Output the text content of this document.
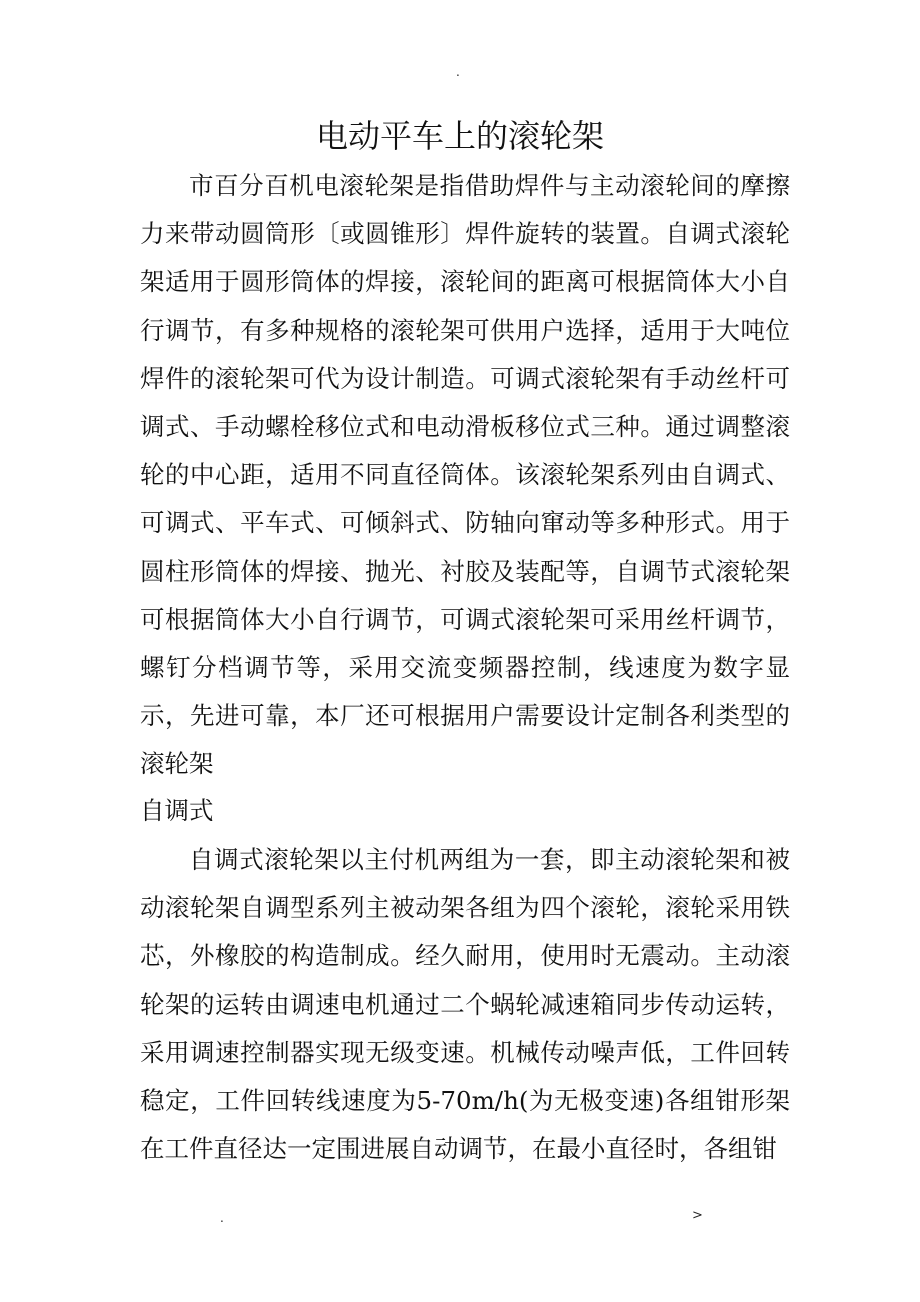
.
电动平车上的滚轮架

市百分百机电滚轮架是指借助焊件与主动滚轮间的摩擦力来带动圆筒形〔或圆锥形〕焊件旋转的装置。自调式滚轮架适用于圆形筒体的焊接，滚轮间的距离可根据筒体大小自行调节，有多种规格的滚轮架可供用户选择，适用于大吨位焊件的滚轮架可代为设计制造。可调式滚轮架有手动丝杆可调式、手动螺栓移位式和电动滑板移位式三种。通过调整滚轮的中心距，适用不同直径筒体。该滚轮架系列由自调式、可调式、平车式、可倾斜式、防轴向窜动等多种形式。用于圆柱形筒体的焊接、抛光、衬胶及装配等，自调节式滚轮架可根据筒体大小自行调节，可调式滚轮架可采用丝杆调节，螺钉分档调节等，采用交流变频器控制，线速度为数字显示，先进可靠，本厂还可根据用户需要设计定制各利类型的滚轮架

自调式

自调式滚轮架以主付机两组为一套，即主动滚轮架和被动滚轮架自调型系列主被动架各组为四个滚轮，滚轮采用铁芯，外橡胶的构造制成。经久耐用，使用时无震动。主动滚轮架的运转由调速电机通过二个蜗轮减速箱同步传动运转，采用调速控制器实现无级变速。机械传动噪声低，工件回转稳定，工件回转线速度为5-70m/h(为无极变速)各组钳形架在工件直径达一定围进展自动调节，在最小直径时，各组钳

.	>
